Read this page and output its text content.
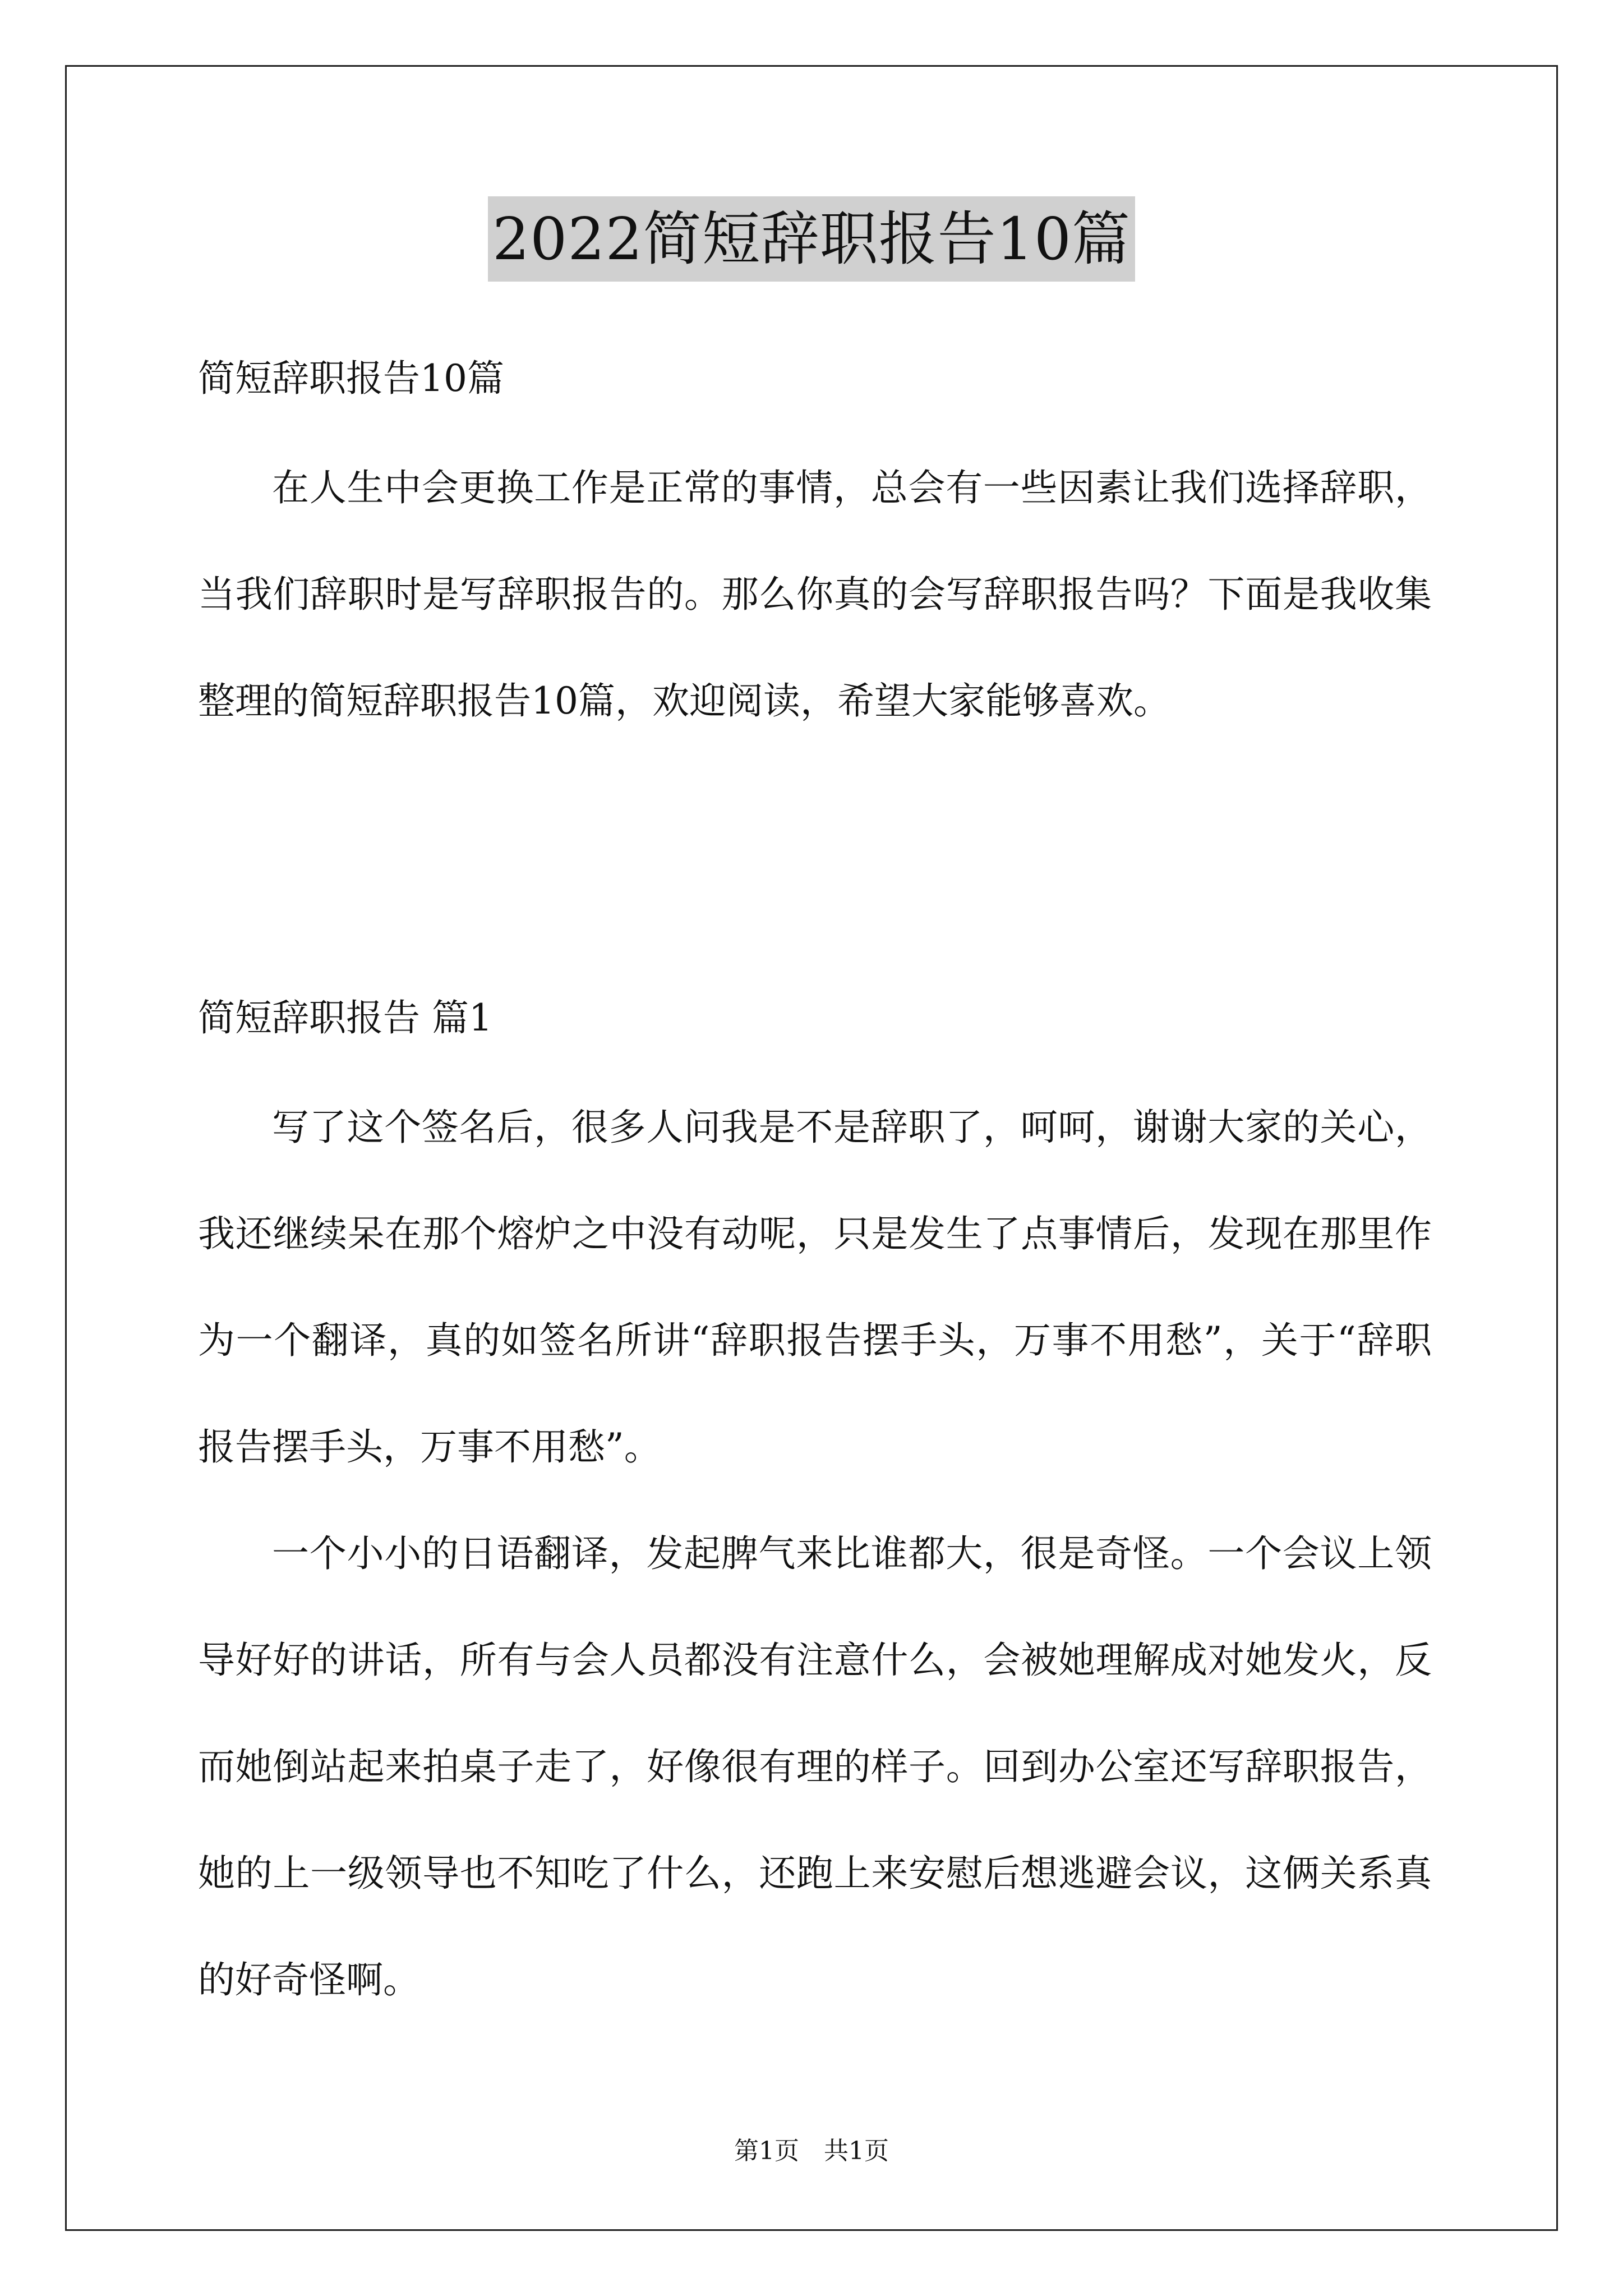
2022简短辞职报告10篇
简短辞职报告10篇

在人生中会更换工作是正常的事情，总会有一些因素让我们选择辞职，当我们辞职时是写辞职报告的。那么你真的会写辞职报告吗？下面是我收集整理的简短辞职报告10篇，欢迎阅读，希望大家能够喜欢。

简短辞职报告 篇1

写了这个签名后，很多人问我是不是辞职了，呵呵，谢谢大家的关心，我还继续呆在那个熔炉之中没有动呢，只是发生了点事情后，发现在那里作为一个翻译，真的如签名所讲“辞职报告摆手头，万事不用愁”，关于“辞职报告摆手头，万事不用愁”。

一个小小的日语翻译，发起脾气来比谁都大，很是奇怪。一个会议上领导好好的讲话，所有与会人员都没有注意什么，会被她理解成对她发火，反而她倒站起来拍桌子走了，好像很有理的样子。回到办公室还写辞职报告，她的上一级领导也不知吃了什么，还跑上来安慰后想逃避会议，这俩关系真的好奇怪啊。

第1页 共1页
